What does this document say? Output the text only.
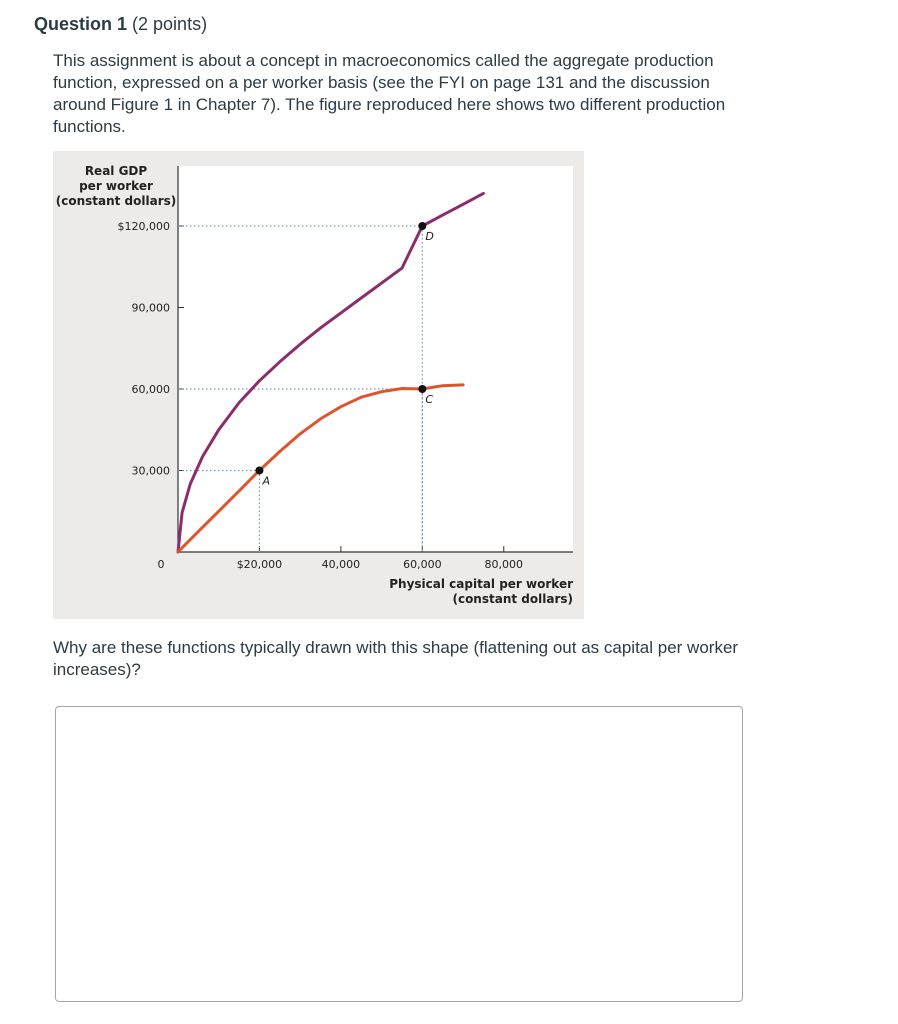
Question 1 (2 points)
This assignment is about a concept in macroeconomics called the aggregate production function, expressed on a per worker basis (see the FYI on page 131 and the discussion around Figure 1 in Chapter 7). The figure reproduced here shows two different production functions.
Real GDP
per worker
(constant dollars)
$120,000
90,000
60,000
30,000
0	$20,000	40,000	60,000	80,000
Physical capital per worker
(constant dollars)
A
C
D
Why are these functions typically drawn with this shape (flattening out as capital per worker increases)?
